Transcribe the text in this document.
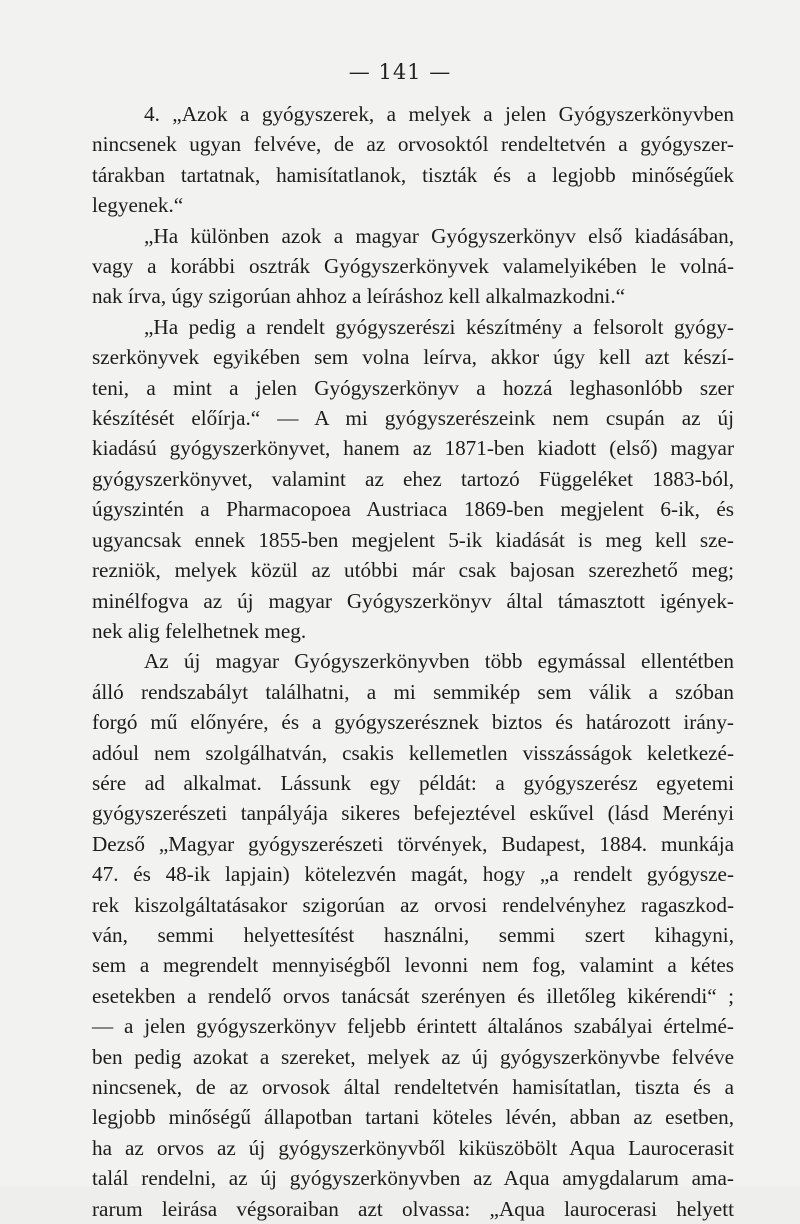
— 141 —
4. „Azok a gyógyszerek, a melyek a jelen Gyógyszerkönyvben
nincsenek ugyan felvéve, de az orvosoktól rendeltetvén a gyógyszer-
tárakban tartatnak, hamisítatlanok, tiszták és a legjobb minőségűek
legyenek.“
„Ha különben azok a magyar Gyógyszerkönyv első kiadásában,
vagy a korábbi osztrák Gyógyszerkönyvek valamelyikében le volná-
nak írva, úgy szigorúan ahhoz a leíráshoz kell alkalmazkodni.“
„Ha pedig a rendelt gyógyszerészi készítmény a felsorolt gyógy-
szerkönyvek egyikében sem volna leírva, akkor úgy kell azt készí-
teni, a mint a jelen Gyógyszerkönyv a hozzá leghasonlóbb szer
készítését előírja.“ — A mi gyógyszerészeink nem csupán az új
kiadású gyógyszerkönyvet, hanem az 1871-ben kiadott (első) magyar
gyógyszerkönyvet, valamint az ehez tartozó Függeléket 1883-ból,
úgyszintén a Pharmacopoea Austriaca 1869-ben megjelent 6-ik, és
ugyancsak ennek 1855-ben megjelent 5-ik kiadását is meg kell sze-
rezniök, melyek közül az utóbbi már csak bajosan szerezhető meg;
minélfogva az új magyar Gyógyszerkönyv által támasztott igények-
nek alig felelhetnek meg.
Az új magyar Gyógyszerkönyvben több egymással ellentétben
álló rendszabályt találhatni, a mi semmikép sem válik a szóban
forgó mű előnyére, és a gyógyszerésznek biztos és határozott irány-
adóul nem szolgálhatván, csakis kellemetlen visszásságok keletkezé-
sére ad alkalmat. Lássunk egy példát: a gyógyszerész egyetemi
gyógyszerészeti tanpályája sikeres befejeztével eskűvel (lásd Merényi
Dezső „Magyar gyógyszerészeti törvények, Budapest, 1884. munkája
47. és 48-ik lapjain) kötelezvén magát, hogy „a rendelt gyógysze-
rek kiszolgáltatásakor szigorúan az orvosi rendelvényhez ragaszkod-
ván, semmi helyettesítést használni, semmi szert kihagyni,
sem a megrendelt mennyiségből levonni nem fog, valamint a kétes
esetekben a rendelő orvos tanácsát szerényen és illetőleg kikérendi“ ;
— a jelen gyógyszerkönyv feljebb érintett általános szabályai értelmé-
ben pedig azokat a szereket, melyek az új gyógyszerkönyvbe felvéve
nincsenek, de az orvosok által rendeltetvén hamisítatlan, tiszta és a
legjobb minőségű állapotban tartani köteles lévén, abban az esetben,
ha az orvos az új gyógyszerkönyvből kiküszöbölt Aqua Laurocerasit
talál rendelni, az új gyógyszerkönyvben az Aqua amygdalarum ama-
rarum leirása végsoraiban azt olvassa: „Aqua laurocerasi helyett
